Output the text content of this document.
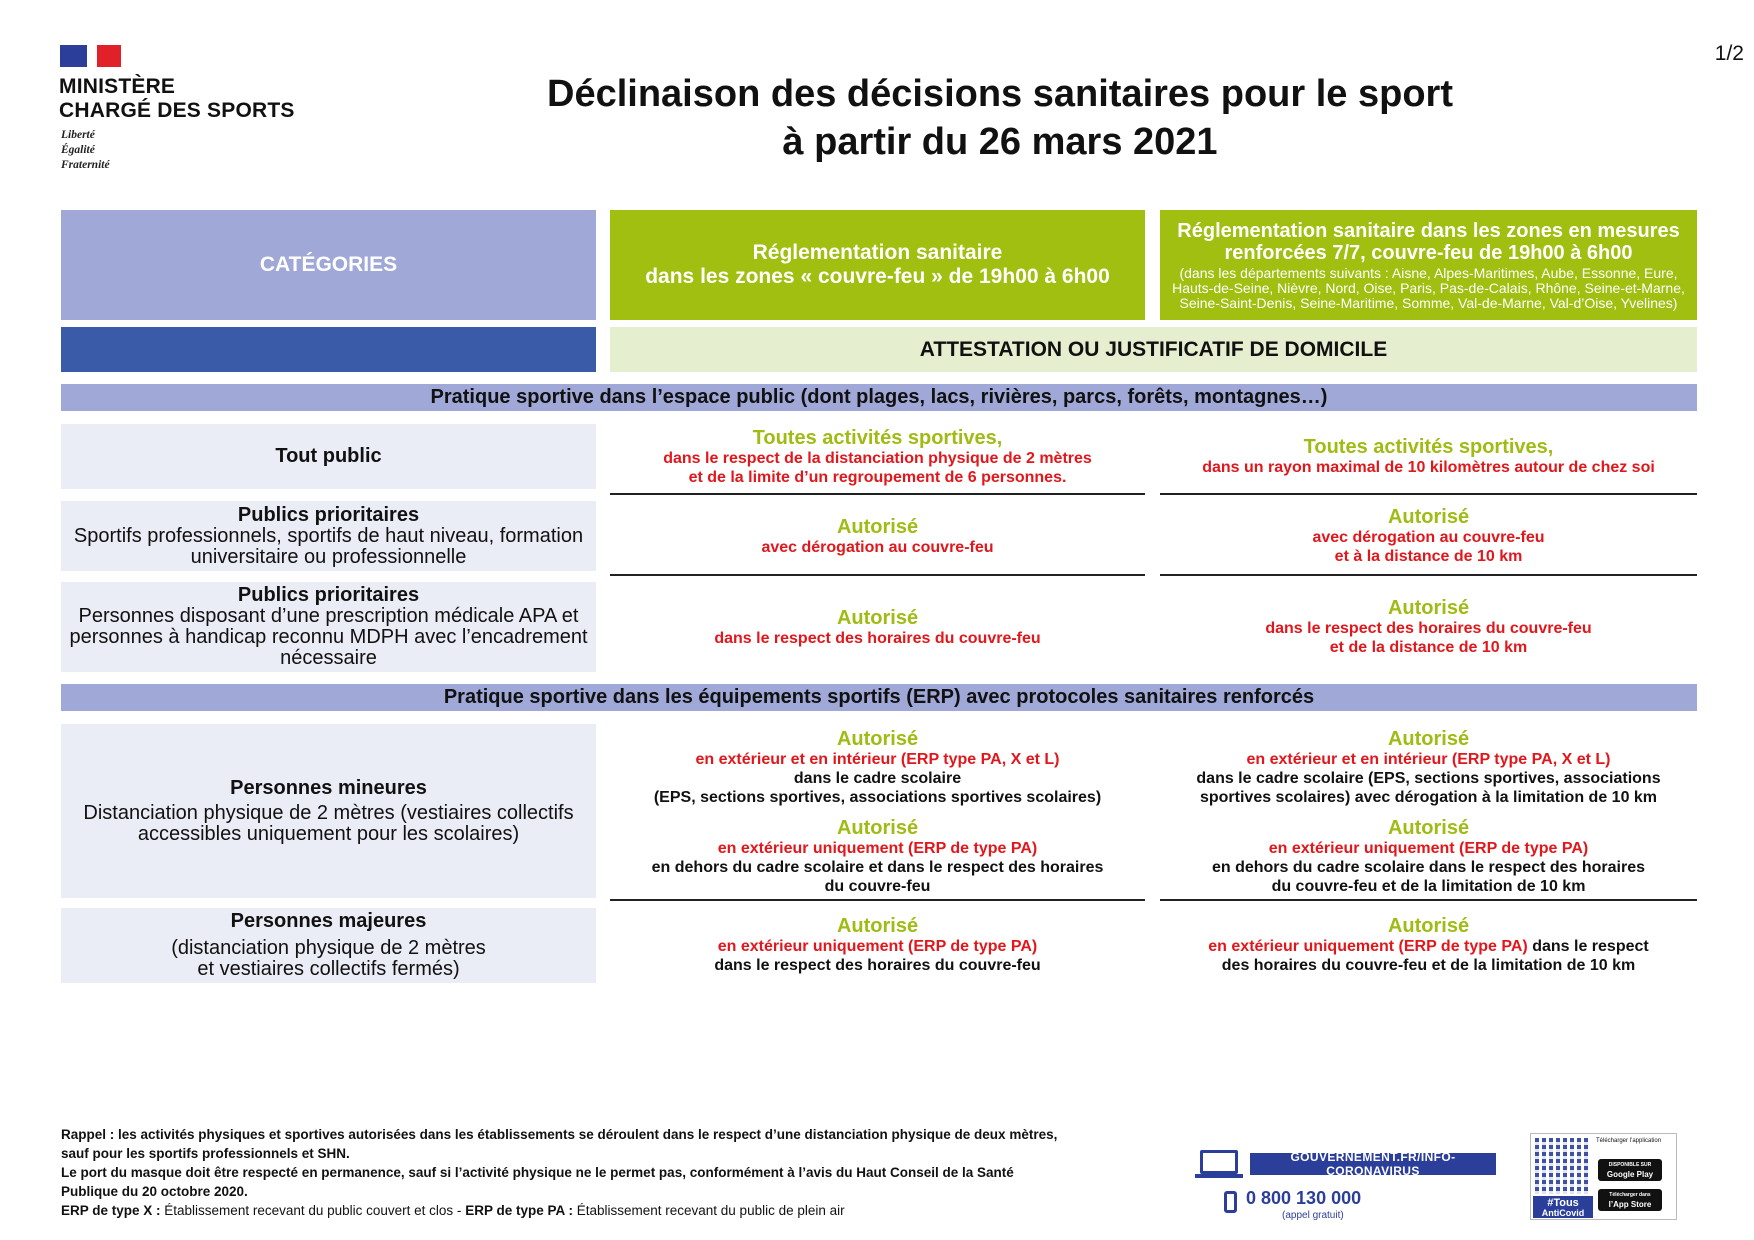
MINISTÈRE
CHARGÉ DES SPORTS
Liberté
Égalité
Fraternité
1/2
Déclinaison des décisions sanitaires pour le sport
à partir du 26 mars 2021
CATÉGORIES
Réglementation sanitaire
dans les zones « couvre-feu » de 19h00 à 6h00
Réglementation sanitaire dans les zones en mesures renforcées 7/7, couvre-feu de 19h00 à 6h00
(dans les départements suivants : Aisne, Alpes-Maritimes, Aube, Essonne, Eure, Hauts-de-Seine, Nièvre, Nord, Oise, Paris, Pas-de-Calais, Rhône, Seine-et-Marne, Seine-Saint-Denis, Seine-Maritime, Somme, Val-de-Marne, Val-d’Oise, Yvelines)
ATTESTATION OU JUSTIFICATIF DE DOMICILE
Pratique sportive dans l’espace public (dont plages, lacs, rivières, parcs, forêts, montagnes…)
Tout public
Toutes activités sportives,
dans le respect de la distanciation physique de 2 mètres
et de la limite d’un regroupement de 6 personnes.
Toutes activités sportives,
dans un rayon maximal de 10 kilomètres autour de chez soi
Publics prioritaires
Sportifs professionnels, sportifs de haut niveau, formation universitaire ou professionnelle
Autorisé
avec dérogation au couvre-feu
Autorisé
avec dérogation au couvre-feu
et à la distance de 10 km
Publics prioritaires
Personnes disposant d’une prescription médicale APA et personnes à handicap reconnu MDPH avec l’encadrement nécessaire
Autorisé
dans le respect des horaires du couvre-feu
Autorisé
dans le respect des horaires du couvre-feu
et de la distance de 10 km
Pratique sportive dans les équipements sportifs (ERP) avec protocoles sanitaires renforcés
Personnes mineures
Distanciation physique de 2 mètres (vestiaires collectifs accessibles uniquement pour les scolaires)
Autorisé
en extérieur et en intérieur (ERP type PA, X et L)
dans le cadre scolaire
(EPS, sections sportives, associations sportives scolaires)
Autorisé
en extérieur uniquement (ERP de type PA)
en dehors du cadre scolaire et dans le respect des horaires
du couvre-feu
Autorisé
en extérieur et en intérieur (ERP type PA, X et L)
dans le cadre scolaire (EPS, sections sportives, associations
sportives scolaires) avec dérogation à la limitation de 10 km
Autorisé
en extérieur uniquement (ERP de type PA)
en dehors du cadre scolaire dans le respect des horaires
du couvre-feu et de la limitation de 10 km
Personnes majeures
(distanciation physique de 2 mètres
et vestiaires collectifs fermés)
Autorisé
en extérieur uniquement (ERP de type PA)
dans le respect des horaires du couvre-feu
Autorisé
en extérieur uniquement (ERP de type PA) dans le respect
des horaires du couvre-feu et de la limitation de 10 km
Rappel : les activités physiques et sportives autorisées dans les établissements se déroulent dans le respect d’une distanciation physique de deux mètres,
sauf pour les sportifs professionnels et SHN.
Le port du masque doit être respecté en permanence, sauf si l’activité physique ne le permet pas, conformément à l’avis du Haut Conseil de la Santé
Publique du 20 octobre 2020.
ERP de type X : Établissement recevant du public couvert et clos - ERP de type PA : Établissement recevant du public de plein air
GOUVERNEMENT.FR/INFO-CORONAVIRUS
0 800 130 000
(appel gratuit)
#Tous
AntiCovid
Télécharger l’application
DISPONIBLE SUR
Google Play
Télécharger dans
l’App Store
